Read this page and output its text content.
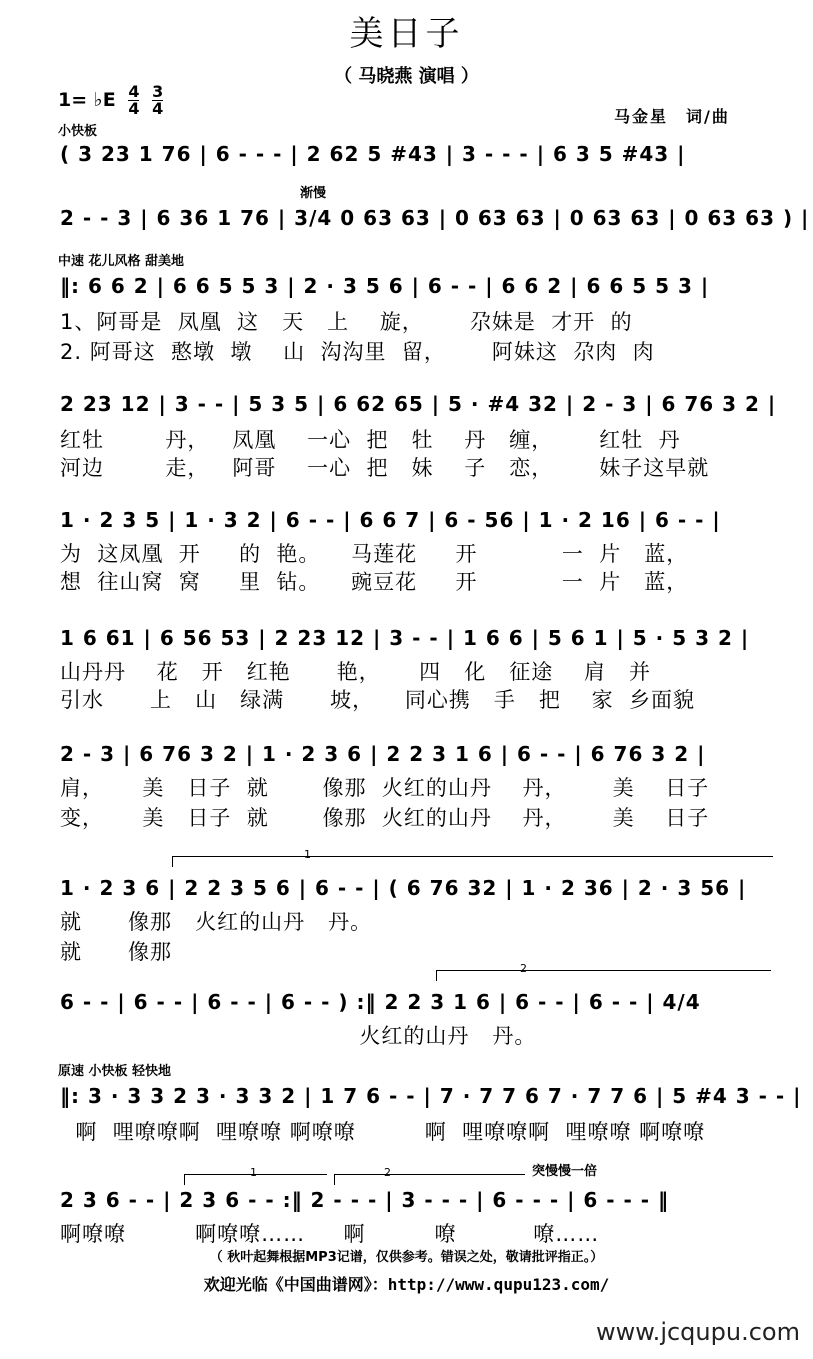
美日子
（ 马晓燕 演唱 ）
1= ♭E $\frac{4}{4}$
$\frac{3}{4}$	马金星　词/曲
小快板
渐慢
中速 花儿风格 甜美地
原速 小快板 轻快地
突慢慢一倍
1
2
1	2
( 3 23 1 76 | 6 - - - | 2 62 5 #43 | 3 - - - | 6 3 5 #43 |
2 - - 3 | 6 36 1 76 | 3/4 0 63 63 | 0 63 63 | 0 63 63 | 0 63 63 ) |
‖: 6 6 2 | 6 6 5 5 3 | 2 · 3 5 6 | 6 - - | 6 6 2 | 6 6 5 5 3 |
1、阿哥是  凤凰  这   天   上    旋，      尕妹是  才开  的
2. 阿哥这  憨墩  墩    山  沟沟里  留，      阿妹这  尕肉  肉
2 23 12 | 3 - - | 5 3 5 | 6 62 65 | 5 · #4 32 | 2 - 3 | 6 76 3 2 |
红牡        丹，   凤凰    一心  把   牡    丹   缠，      红牡  丹
河边        走，   阿哥    一心  把   妹    子   恋，      妹子这早就
1 · 2 3 5 | 1 · 3 2 | 6 - - | 6 6 7 | 6 - 56 | 1 · 2 16 | 6 - - |
为  这凤凰  开     的  艳。    马莲花     开           一  片   蓝，
想  往山窝  窝     里  钻。    豌豆花     开           一  片   蓝，
1 6 61 | 6 56 53 | 2 23 12 | 3 - - | 1 6 6 | 5 6 1 | 5 · 5 3 2 |
山丹丹    花   开   红艳      艳，     四   化   征途    肩   并
引水      上   山   绿满      坡，    同心携   手   把    家  乡面貌
2 - 3 | 6 76 3 2 | 1 · 2 3 6 | 2 2 3 1 6 | 6 - - | 6 76 3 2 |
肩，     美   日子  就       像那  火红的山丹    丹，      美    日子
变，     美   日子  就       像那  火红的山丹    丹，      美    日子
1 · 2 3 6 | 2 2 3 5 6 | 6 - - | ( 6 76 32 | 1 · 2 36 | 2 · 3 56 |
就      像那   火红的山丹   丹。
就      像那
6 - - | 6 - - | 6 - - | 6 - - ) :‖ 2 2 3 1 6 | 6 - - | 6 - - | 4/4
火红的山丹   丹。
‖: 3 · 3 3 2 3 · 3 3 2 | 1 7 6 - - | 7 · 7 7 6 7 · 7 7 6 | 5 #4 3 - - |
啊  哩嘹嘹啊  哩嘹嘹 啊嘹嘹         啊  哩嘹嘹啊  哩嘹嘹 啊嘹嘹
2 3 6 - - | 2 3 6 - - :‖ 2 - - - | 3 - - - | 6 - - - | 6 - - - ‖
啊嘹嘹         啊嘹嘹……     啊         嘹          嘹……
（ 秋叶起舞根据MP3记谱，仅供参考。错误之处，敬请批评指正。）
欢迎光临《中国曲谱网》：http://www.qupu123.com/
www.jcqupu.com
